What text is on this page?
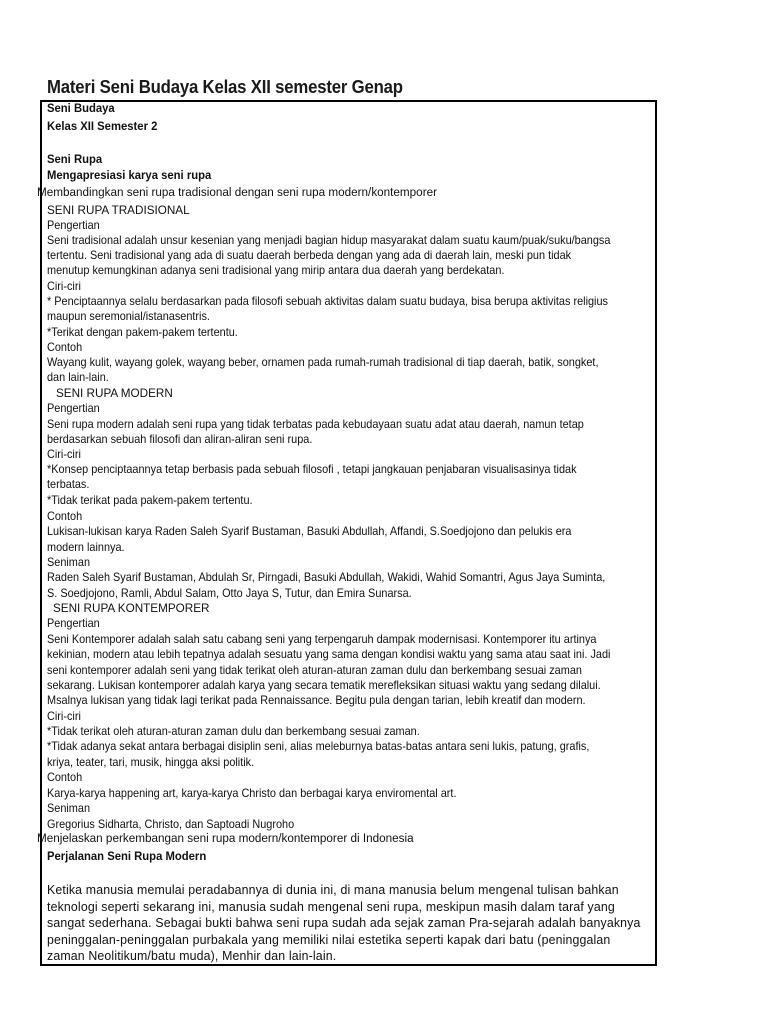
Materi Seni Budaya Kelas XII semester Genap
Seni Budaya
Kelas XII Semester 2
Seni Rupa
Mengapresiasi karya seni rupa
Membandingkan seni rupa tradisional dengan seni rupa modern/kontemporer
SENI RUPA TRADISIONAL
Pengertian
Seni tradisional adalah unsur kesenian yang menjadi bagian hidup masyarakat dalam suatu kaum/puak/suku/bangsa
tertentu. Seni tradisional yang ada di suatu daerah berbeda dengan yang ada di daerah lain, meski pun tidak
menutup kemungkinan adanya seni tradisional yang mirip antara dua daerah yang berdekatan.
Ciri-ciri
* Penciptaannya selalu berdasarkan pada filosofi sebuah aktivitas dalam suatu budaya, bisa berupa aktivitas religius
maupun seremonial/istanasentris.
*Terikat dengan pakem-pakem tertentu.
Contoh
Wayang kulit, wayang golek, wayang beber, ornamen pada rumah-rumah tradisional di tiap daerah, batik, songket,
dan lain-lain.
SENI RUPA MODERN
Pengertian
Seni rupa modern adalah seni rupa yang tidak terbatas pada kebudayaan suatu adat atau daerah, namun tetap
berdasarkan sebuah filosofi dan aliran-aliran seni rupa.
Ciri-ciri
*Konsep penciptaannya tetap berbasis pada sebuah filosofi , tetapi jangkauan penjabaran visualisasinya tidak
terbatas.
*Tidak terikat pada pakem-pakem tertentu.
Contoh
Lukisan-lukisan karya Raden Saleh Syarif Bustaman, Basuki Abdullah, Affandi, S.Soedjojono dan pelukis era
modern lainnya.
Seniman
Raden Saleh Syarif Bustaman, Abdulah Sr, Pirngadi, Basuki Abdullah, Wakidi, Wahid Somantri, Agus Jaya Suminta,
S. Soedjojono, Ramli, Abdul Salam, Otto Jaya S, Tutur, dan Emira Sunarsa.
SENI RUPA KONTEMPORER
Pengertian
Seni Kontemporer adalah salah satu cabang seni yang terpengaruh dampak modernisasi. Kontemporer itu artinya
kekinian, modern atau lebih tepatnya adalah sesuatu yang sama dengan kondisi waktu yang sama atau saat ini. Jadi
seni kontemporer adalah seni yang tidak terikat oleh aturan-aturan zaman dulu dan berkembang sesuai zaman
sekarang. Lukisan kontemporer adalah karya yang secara tematik merefleksikan situasi waktu yang sedang dilalui.
Msalnya lukisan yang tidak lagi terikat pada Rennaissance. Begitu pula dengan tarian, lebih kreatif dan modern.
Ciri-ciri
*Tidak terikat oleh aturan-aturan zaman dulu dan berkembang sesuai zaman.
*Tidak adanya sekat antara berbagai disiplin seni, alias meleburnya batas-batas antara seni lukis, patung, grafis,
kriya, teater, tari, musik, hingga aksi politik.
Contoh
Karya-karya happening art, karya-karya Christo dan berbagai karya enviromental art.
Seniman
Gregorius Sidharta, Christo, dan Saptoadi Nugroho
Menjelaskan perkembangan seni rupa modern/kontemporer di Indonesia
Perjalanan Seni Rupa Modern
Ketika manusia memulai peradabannya di dunia ini, di mana manusia belum mengenal tulisan bahkan
teknologi seperti sekarang ini, manusia sudah mengenal seni rupa, meskipun masih dalam taraf yang
sangat sederhana. Sebagai bukti bahwa seni rupa sudah ada sejak zaman Pra-sejarah adalah banyaknya
peninggalan-peninggalan purbakala yang memiliki nilai estetika seperti kapak dari batu (peninggalan
zaman Neolitikum/batu muda), Menhir dan lain-lain.
